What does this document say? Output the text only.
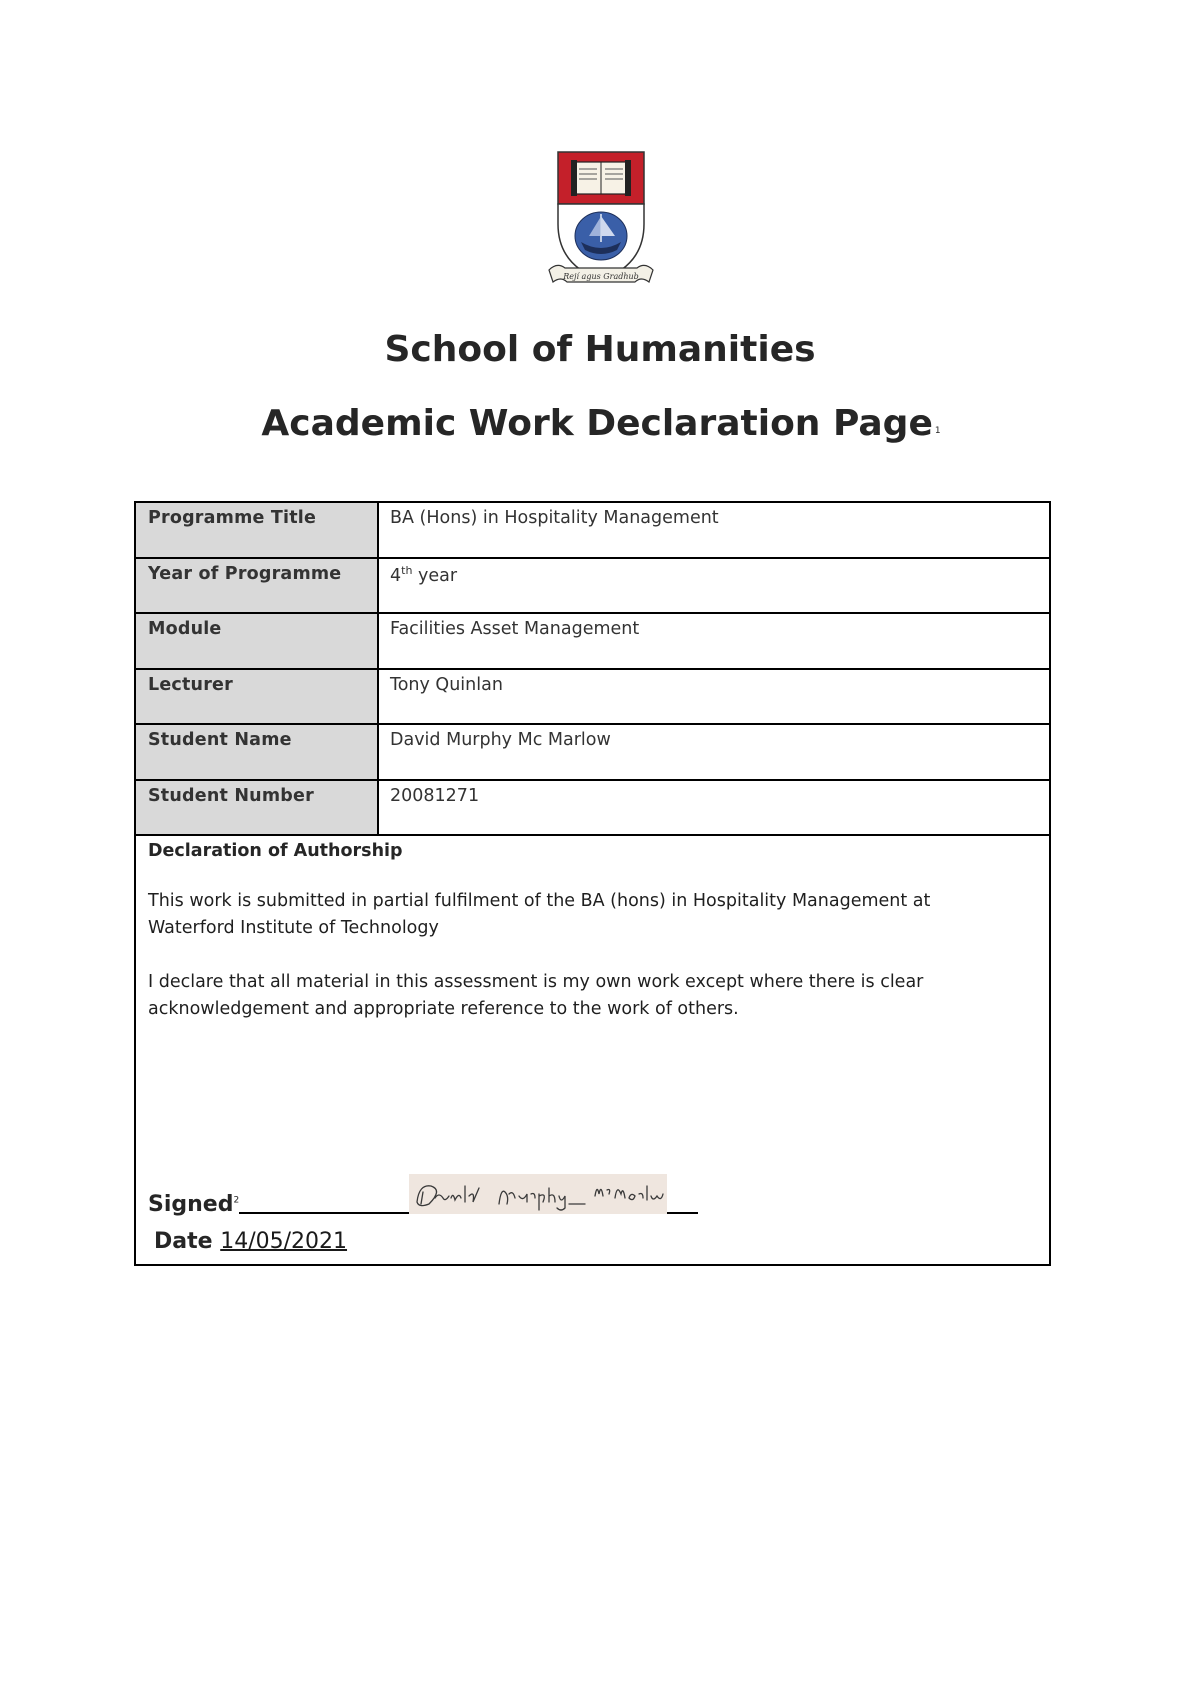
Rejí agus Gradhub
School of Humanities
Academic Work Declaration Page $^1$
Programme Title	BA (Hons) in Hospitality Management
Year of Programme	4th year
Module	Facilities Asset Management
Lecturer	Tony Quinlan
Student Name	David Murphy Mc Marlow
Student Number	20081271
Declaration of Authorship

This work is submitted in partial fulfilment of the BA (hons) in Hospitality Management at Waterford Institute of Technology

I declare that all material in this assessment is my own work except where there is clear acknowledgement and appropriate reference to the work of others.

Signed$^2$
Date 14/05/2021
